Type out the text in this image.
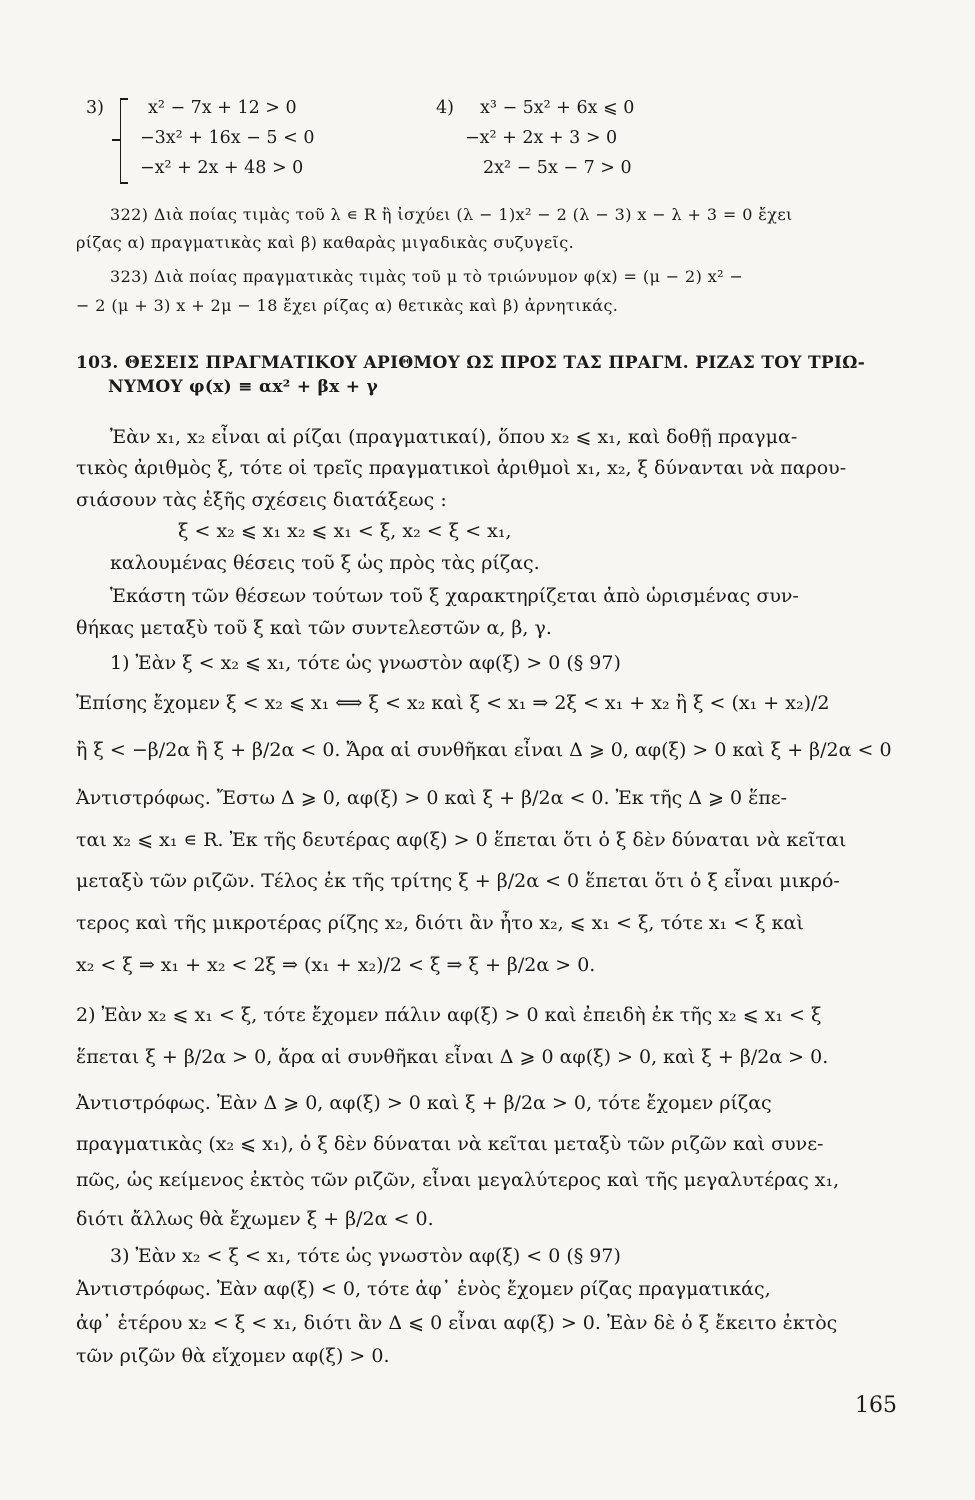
3)	x² − 7x + 12 > 0
−3x² + 16x − 5 < 0
−x² + 2x + 48 > 0
4) x³ − 5x² + 6x ⩽ 0
−x² + 2x + 3 > 0
2x² − 5x − 7 > 0
322) Διὰ ποίας τιμὰς τοῦ λ ∊ R ἢ ἰσχύει (λ − 1)x² − 2 (λ − 3) x − λ + 3 = 0 ἔχει
ρίζας α) πραγματικὰς καὶ β) καθαρὰς μιγαδικὰς συζυγεῖς.
323) Διὰ ποίας πραγματικὰς τιμὰς τοῦ μ τὸ τριώνυμον φ(x) = (μ − 2) x² −
− 2 (μ + 3) x + 2μ − 18 ἔχει ρίζας α) θετικὰς καὶ β) ἀρνητικάς.
103. ΘΕΣΕΙΣ ΠΡΑΓΜΑΤΙΚΟΥ ΑΡΙΘΜΟΥ ΩΣ ΠΡΟΣ ΤΑΣ ΠΡΑΓΜ. ΡΙΖΑΣ ΤΟΥ ΤΡΙΩ-
ΝΥΜΟΥ φ(x) ≡ αx² + βx + γ
Ἐὰν x₁, x₂ εἶναι αἱ ρίζαι (πραγματικαί), ὅπου x₂ ⩽ x₁, καὶ δοθῇ πραγμα-
τικὸς ἀριθμὸς ξ, τότε οἱ τρεῖς πραγματικοὶ ἀριθμοὶ x₁, x₂, ξ δύνανται νὰ παρου-
σιάσουν τὰς ἑξῆς σχέσεις διατάξεως :
ξ < x₂ ⩽ x₁ x₂ ⩽ x₁ < ξ, x₂ < ξ < x₁,
καλουμένας θέσεις τοῦ ξ ὡς πρὸς τὰς ρίζας.
Ἑκάστη τῶν θέσεων τούτων τοῦ ξ χαρακτηρίζεται ἀπὸ ὡρισμένας συν-
θήκας μεταξὺ τοῦ ξ καὶ τῶν συντελεστῶν α, β, γ.
1) Ἐὰν ξ < x₂ ⩽ x₁, τότε ὡς γνωστὸν αφ(ξ) > 0 (§ 97)
Ἐπίσης ἔχομεν ξ < x₂ ⩽ x₁ ⟺ ξ < x₂ καὶ ξ < x₁ ⇒ 2ξ < x₁ + x₂ ἢ ξ < (x₁ + x₂)/2
ἢ ξ < −β/2α ἢ ξ + β/2α < 0. Ἄρα αἱ συνθῆκαι εἶναι Δ ⩾ 0, αφ(ξ) > 0 καὶ ξ + β/2α < 0
Ἀντιστρόφως. Ἔστω Δ ⩾ 0, αφ(ξ) > 0 καὶ ξ + β/2α < 0. Ἐκ τῆς Δ ⩾ 0 ἕπε-
ται x₂ ⩽ x₁ ∊ R. Ἐκ τῆς δευτέρας αφ(ξ) > 0 ἕπεται ὅτι ὁ ξ δὲν δύναται νὰ κεῖται
μεταξὺ τῶν ριζῶν. Τέλος ἐκ τῆς τρίτης ξ + β/2α < 0 ἕπεται ὅτι ὁ ξ εἶναι μικρό-
τερος καὶ τῆς μικροτέρας ρίζης x₂, διότι ἂν ἦτο x₂, ⩽ x₁ < ξ, τότε x₁ < ξ καὶ
x₂ < ξ ⇒ x₁ + x₂ < 2ξ ⇒ (x₁ + x₂)/2 < ξ ⇒ ξ + β/2α > 0.
2) Ἐὰν x₂ ⩽ x₁ < ξ, τότε ἔχομεν πάλιν αφ(ξ) > 0 καὶ ἐπειδὴ ἐκ τῆς x₂ ⩽ x₁ < ξ
ἕπεται ξ + β/2α > 0, ἄρα αἱ συνθῆκαι εἶναι Δ ⩾ 0 αφ(ξ) > 0, καὶ ξ + β/2α > 0.
Ἀντιστρόφως. Ἐὰν Δ ⩾ 0, αφ(ξ) > 0 καὶ ξ + β/2α > 0, τότε ἔχομεν ρίζας
πραγματικὰς (x₂ ⩽ x₁), ὁ ξ δὲν δύναται νὰ κεῖται μεταξὺ τῶν ριζῶν καὶ συνε-
πῶς, ὡς κείμενος ἐκτὸς τῶν ριζῶν, εἶναι μεγαλύτερος καὶ τῆς μεγαλυτέρας x₁,
διότι ἄλλως θὰ ἔχωμεν ξ + β/2α < 0.
3) Ἐὰν x₂ < ξ < x₁, τότε ὡς γνωστὸν αφ(ξ) < 0 (§ 97)
Ἀντιστρόφως. Ἐὰν αφ(ξ) < 0, τότε ἀφ᾽ ἑνὸς ἔχομεν ρίζας πραγματικάς,
ἀφ᾽ ἑτέρου x₂ < ξ < x₁, διότι ἂν Δ ⩽ 0 εἶναι αφ(ξ) > 0. Ἐὰν δὲ ὁ ξ ἔκειτο ἐκτὸς
τῶν ριζῶν θὰ εἴχομεν αφ(ξ) > 0.
165
